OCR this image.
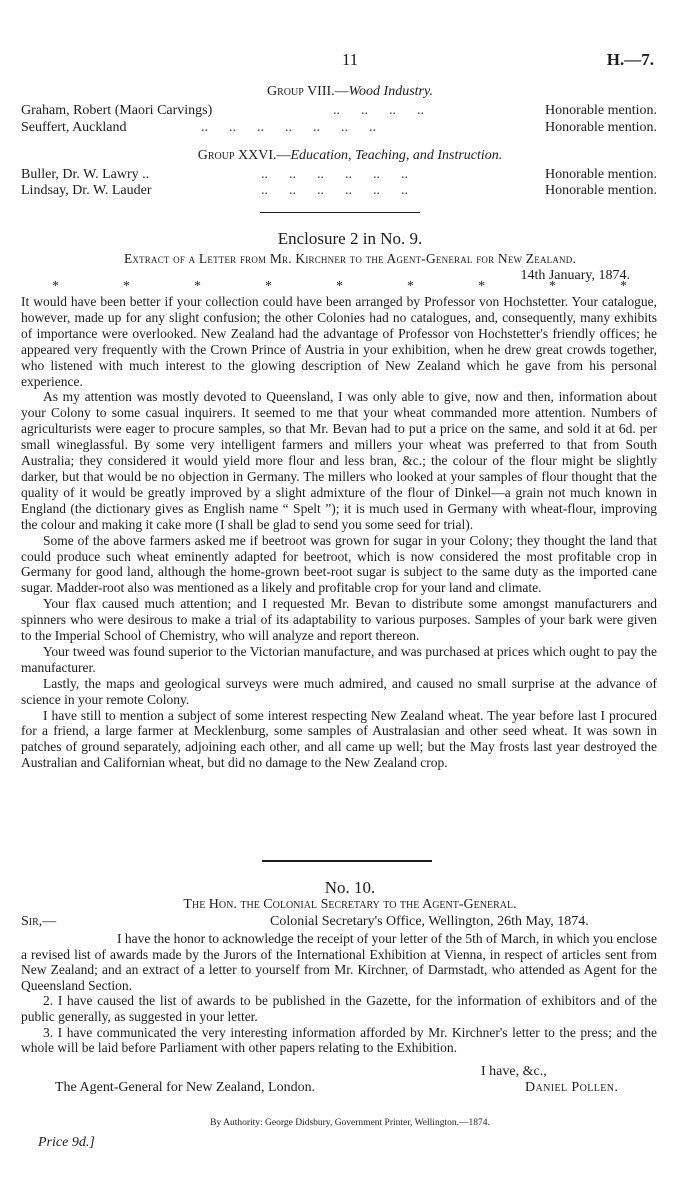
11	H.—7.
Group VIII.—Wood Industry.
Graham, Robert (Maori Carvings)	..      ..      ..      ..	Honorable mention.
Seuffert, Auckland	..      ..      ..      ..      ..      ..      ..	Honorable mention.
Group XXVI.—Education, Teaching, and Instruction.
Buller, Dr. W. Lawry ..	..      ..      ..      ..      ..      ..	Honorable mention.
Lindsay, Dr. W. Lauder	..      ..      ..      ..      ..      ..	Honorable mention.
Enclosure 2 in No. 9.
Extract of a Letter from Mr. Kirchner to the Agent-General for New Zealand.
14th January, 1874.
*	*	*	*	*	*	*	*	*

It would have been better if your collection could have been arranged by Professor von Hochstetter. Your catalogue, however, made up for any slight confusion; the other Colonies had no catalogues, and, consequently, many exhibits of importance were overlooked. New Zealand had the advantage of Professor von Hochstetter's friendly offices; he appeared very frequently with the Crown Prince of Austria in your exhibition, when he drew great crowds together, who listened with much interest to the glowing description of New Zealand which he gave from his personal experience.

As my attention was mostly devoted to Queensland, I was only able to give, now and then, information about your Colony to some casual inquirers. It seemed to me that your wheat commanded more attention. Numbers of agriculturists were eager to procure samples, so that Mr. Bevan had to put a price on the same, and sold it at 6d. per small wineglassful. By some very intelligent farmers and millers your wheat was preferred to that from South Australia; they considered it would yield more flour and less bran, &c.; the colour of the flour might be slightly darker, but that would be no objection in Germany. The millers who looked at your samples of flour thought that the quality of it would be greatly improved by a slight admixture of the flour of Dinkel—a grain not much known in England (the dictionary gives as English name “ Spelt ”); it is much used in Germany with wheat-flour, improving the colour and making it cake more (I shall be glad to send you some seed for trial).

Some of the above farmers asked me if beetroot was grown for sugar in your Colony; they thought the land that could produce such wheat eminently adapted for beetroot, which is now considered the most profitable crop in Germany for good land, although the home-grown beet-root sugar is subject to the same duty as the imported cane sugar. Madder-root also was mentioned as a likely and profitable crop for your land and climate.

Your flax caused much attention; and I requested Mr. Bevan to distribute some amongst manufacturers and spinners who were desirous to make a trial of its adaptability to various purposes. Samples of your bark were given to the Imperial School of Chemistry, who will analyze and report thereon.

Your tweed was found superior to the Victorian manufacture, and was purchased at prices which ought to pay the manufacturer.

Lastly, the maps and geological surveys were much admired, and caused no small surprise at the advance of science in your remote Colony.

I have still to mention a subject of some interest respecting New Zealand wheat. The year before last I procured for a friend, a large farmer at Mecklenburg, some samples of Australasian and other seed wheat. It was sown in patches of ground separately, adjoining each other, and all came up well; but the May frosts last year destroyed the Australian and Californian wheat, but did no damage to the New Zealand crop.

No. 10.
The Hon. the Colonial Secretary to the Agent-General.
Sir,—	Colonial Secretary's Office, Wellington, 26th May, 1874.

I have the honor to acknowledge the receipt of your letter of the 5th of March, in which you enclose a revised list of awards made by the Jurors of the International Exhibition at Vienna, in respect of articles sent from New Zealand; and an extract of a letter to yourself from Mr. Kirchner, of Darmstadt, who attended as Agent for the Queensland Section.

2. I have caused the list of awards to be published in the Gazette, for the information of exhibitors and of the public generally, as suggested in your letter.

3. I have communicated the very interesting information afforded by Mr. Kirchner's letter to the press; and the whole will be laid before Parliament with other papers relating to the Exhibition.

I have, &c.,
The Agent-General for New Zealand, London.	Daniel Pollen.
By Authority: George Didsbury, Government Printer, Wellington.—1874.
Price 9d.]
